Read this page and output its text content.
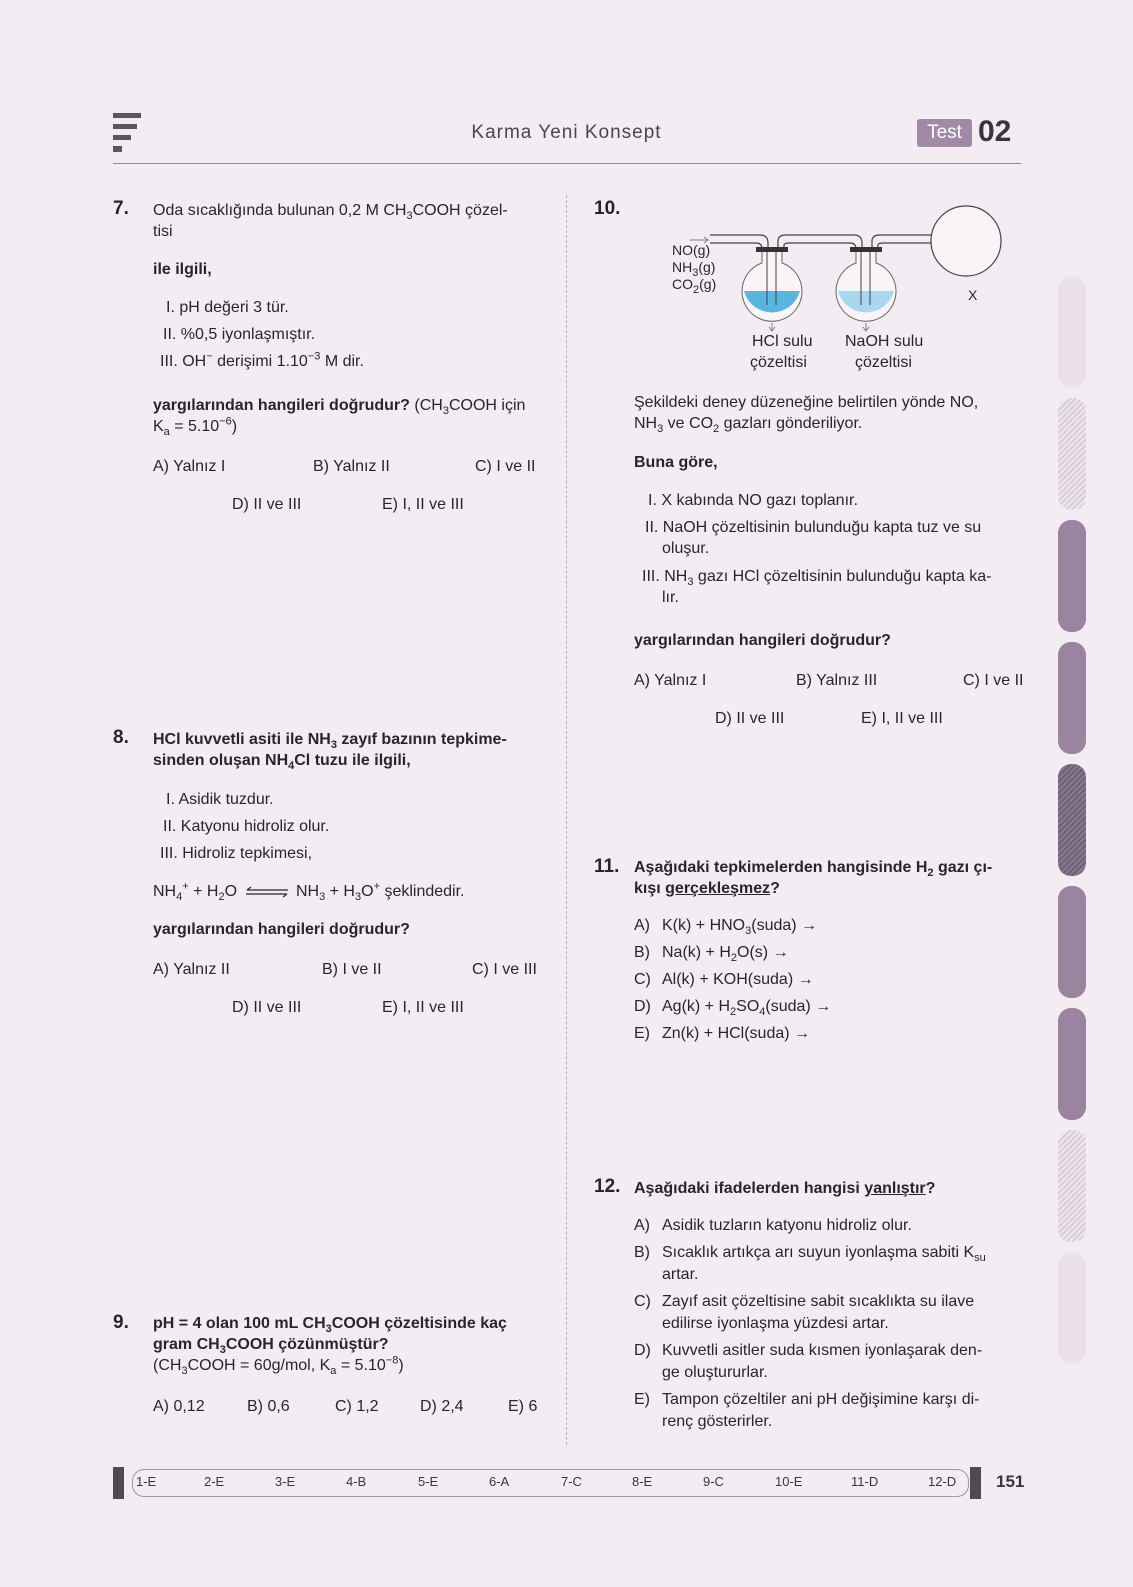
Karma Yeni Konsept	Test 02
7. Oda sıcaklığında bulunan 0,2 M $CH_3COOH$ çözel-
tisi
ile ilgili,
I. pH değeri 3 tür.
II. %0,5 iyonlaşmıştır.
III. OH− derişimi $1.10^{-3}$ M dir.
yargılarından hangileri doğrudur? ($CH_3COOH$ için
$K_a = 5.10^{-6}$)
A) Yalnız I	B) Yalnız II	C) I ve II
D) II ve III	E) I, II ve III
8. HCl kuvvetli asiti ile $NH_3$ zayıf bazının tepkime-
sinden oluşan $NH_4Cl$ tuzu ile ilgili,
I. Asidik tuzdur.
II. Katyonu hidroliz olur.
III. Hidroliz tepkimesi,
$NH_4^+ + H_2O$ ⇌ $NH_3 + H_3O^+$ şeklindedir.
yargılarından hangileri doğrudur?
A) Yalnız II	B) I ve II	C) I ve III
D) II ve III	E) I, II ve III
9. pH = 4 olan 100 mL $CH_3COOH$ çözeltisinde kaç
gram $CH_3COOH$ çözünmüştür?
($CH_3COOH = 60g/mol$, $K_a = 5.10^{-8}$)
A) 0,12	B) 0,6	C) 1,2	D) 2,4	E) 6
10.
NO(g)
$NH_3(g)$
$CO_2(g)$
X
HCl sulu
çözeltisi
NaOH sulu
çözeltisi
Şekildeki deney düzeneğine belirtilen yönde NO,
$NH_3$ ve $CO_2$ gazları gönderiliyor.
Buna göre,
I. X kabında NO gazı toplanır.
II. NaOH çözeltisinin bulunduğu kapta tuz ve su
oluşur.
III. $NH_3$ gazı HCl çözeltisinin bulunduğu kapta ka-
lır.
yargılarından hangileri doğrudur?
A) Yalnız I	B) Yalnız III	C) I ve II
D) II ve III	E) I, II ve III
11. Aşağıdaki tepkimelerden hangisinde $H_2$ gazı çı-
kışı gerçekleşmez?
A) $K(k) + HNO_3(suda)$ →
B) $Na(k) + H_2O(s)$ →
C) Al(k) + KOH(suda) →
D) $Ag(k) + H_2SO_4(suda)$ →
E) Zn(k) + HCl(suda) →
12. Aşağıdaki ifadelerden hangisi yanlıştır?
A) Asidik tuzların katyonu hidroliz olur.
B) Sıcaklık artıkça arı suyun iyonlaşma sabiti $K_{su}$
artar.
C) Zayıf asit çözeltisine sabit sıcaklıkta su ilave
edilirse iyonlaşma yüzdesi artar.
D) Kuvvetli asitler suda kısmen iyonlaşarak den-
ge oluştururlar.
E) Tampon çözeltiler ani pH değişimine karşı di-
renç gösterirler.
1-E	2-E	3-E	4-B	5-E	6-A	7-C	8-E	9-C	10-E	11-D	12-D 151
